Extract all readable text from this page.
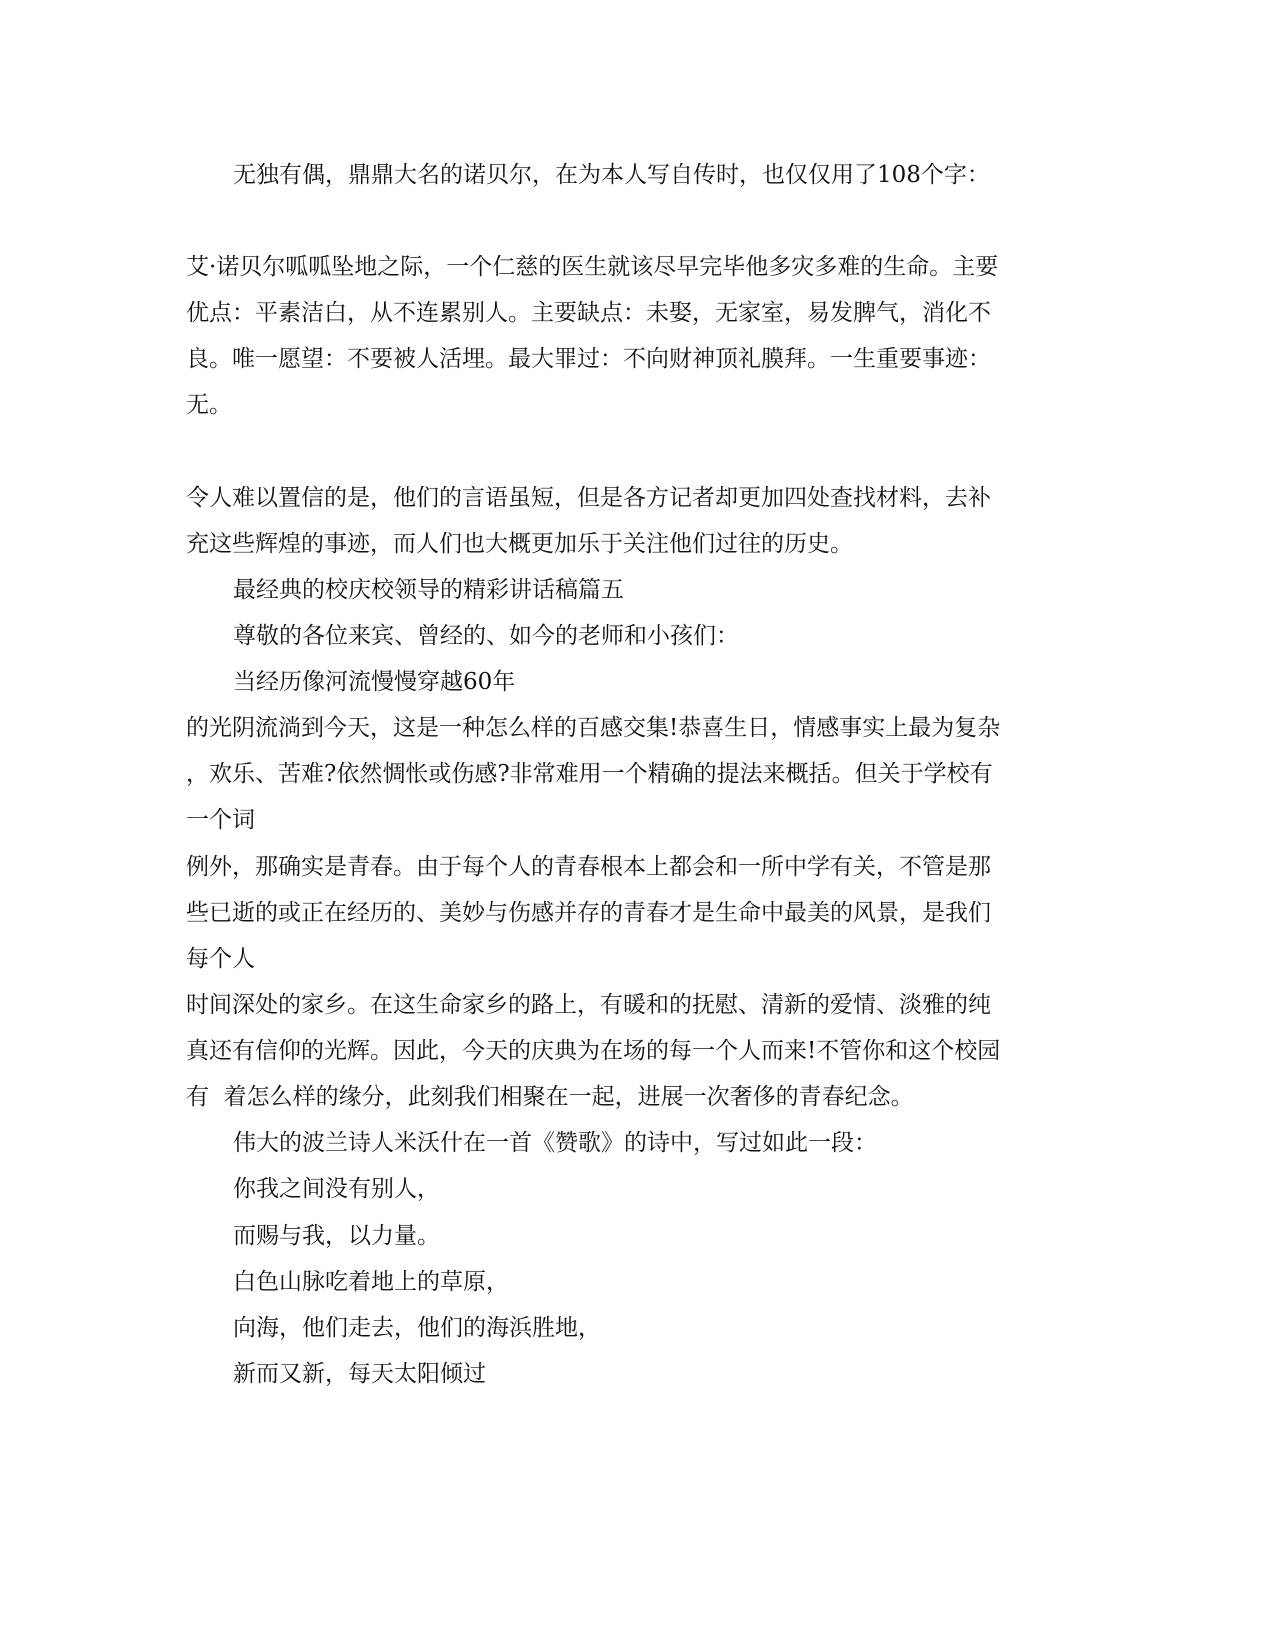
无独有偶，鼎鼎大名的诺贝尔，在为本人写自传时，也仅仅用了108个字：
艾·诺贝尔呱呱坠地之际，一个仁慈的医生就该尽早完毕他多灾多难的生命。主要
优点：平素洁白，从不连累别人。主要缺点：未娶，无家室，易发脾气，消化不
良。唯一愿望：不要被人活埋。最大罪过：不向财神顶礼膜拜。一生重要事迹：
无。
令人难以置信的是，他们的言语虽短，但是各方记者却更加四处查找材料，去补
充这些辉煌的事迹，而人们也大概更加乐于关注他们过往的历史。
最经典的校庆校领导的精彩讲话稿篇五
尊敬的各位来宾、曾经的、如今的老师和小孩们：
当经历像河流慢慢穿越60年
的光阴流淌到今天，这是一种怎么样的百感交集!恭喜生日，情感事实上最为复杂
，欢乐、苦难?依然惆怅或伤感?非常难用一个精确的提法来概括。但关于学校有
一个词
例外，那确实是青春。由于每个人的青春根本上都会和一所中学有关，不管是那
些已逝的或正在经历的、美妙与伤感并存的青春才是生命中最美的风景，是我们
每个人
时间深处的家乡。在这生命家乡的路上，有暖和的抚慰、清新的爱情、淡雅的纯
真还有信仰的光辉。因此，今天的庆典为在场的每一个人而来!不管你和这个校园
有  着怎么样的缘分，此刻我们相聚在一起，进展一次奢侈的青春纪念。
伟大的波兰诗人米沃什在一首《赞歌》的诗中，写过如此一段：
你我之间没有别人，
而赐与我，以力量。
白色山脉吃着地上的草原，
向海，他们走去，他们的海浜胜地，
新而又新，每天太阳倾过
